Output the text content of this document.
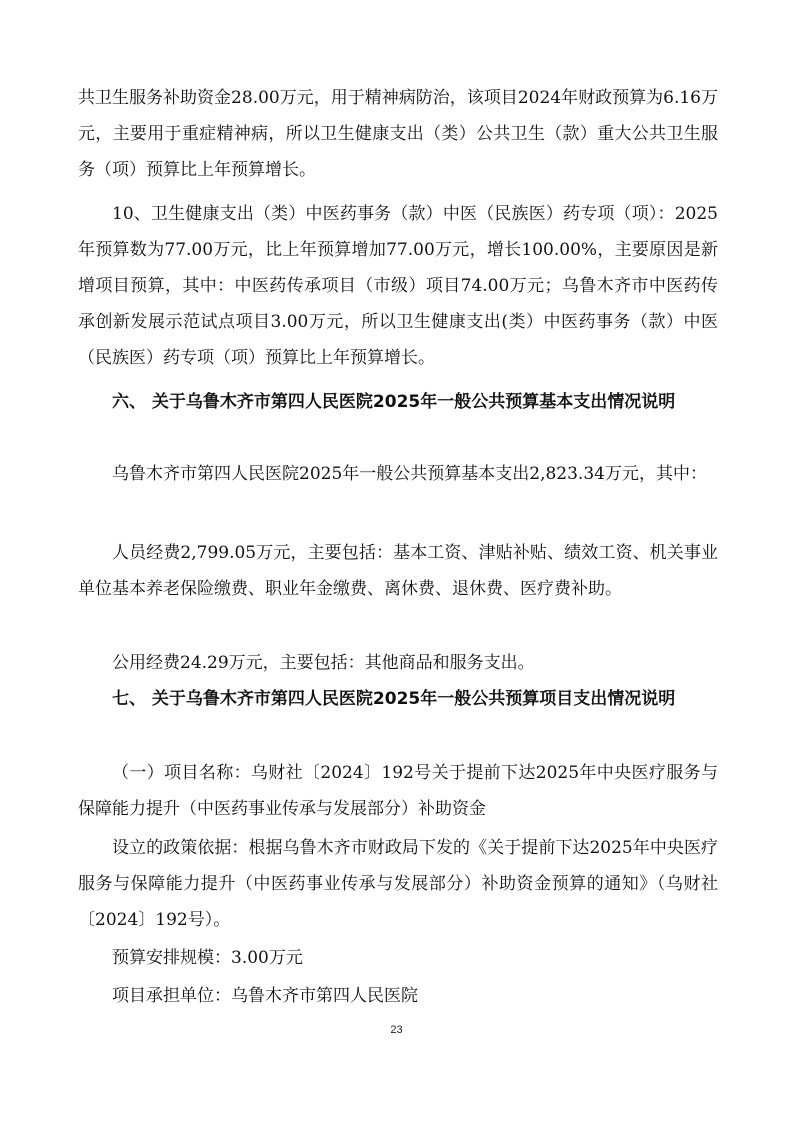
共卫生服务补助资金28.00万元，用于精神病防治，该项目2024年财政预算为6.16万元，主要用于重症精神病，所以卫生健康支出（类）公共卫生（款）重大公共卫生服务（项）预算比上年预算增长。

10、卫生健康支出（类）中医药事务（款）中医（民族医）药专项（项）：2025年预算数为77.00万元，比上年预算增加77.00万元，增长100.00%，主要原因是新增项目预算，其中：中医药传承项目（市级）项目74.00万元；乌鲁木齐市中医药传承创新发展示范试点项目3.00万元，所以卫生健康支出(类）中医药事务（款）中医（民族医）药专项（项）预算比上年预算增长。

六、 关于乌鲁木齐市第四人民医院2025年一般公共预算基本支出情况说明

乌鲁木齐市第四人民医院2025年一般公共预算基本支出2,823.34万元，其中：

人员经费2,799.05万元，主要包括：基本工资、津贴补贴、绩效工资、机关事业单位基本养老保险缴费、职业年金缴费、离休费、退休费、医疗费补助。

公用经费24.29万元，主要包括：其他商品和服务支出。

七、 关于乌鲁木齐市第四人民医院2025年一般公共预算项目支出情况说明

（一）项目名称：乌财社〔2024〕192号关于提前下达2025年中央医疗服务与保障能力提升（中医药事业传承与发展部分）补助资金

设立的政策依据：根据乌鲁木齐市财政局下发的《关于提前下达2025年中央医疗服务与保障能力提升（中医药事业传承与发展部分）补助资金预算的通知》（乌财社〔2024〕192号）。

预算安排规模：3.00万元

项目承担单位：乌鲁木齐市第四人民医院

23
